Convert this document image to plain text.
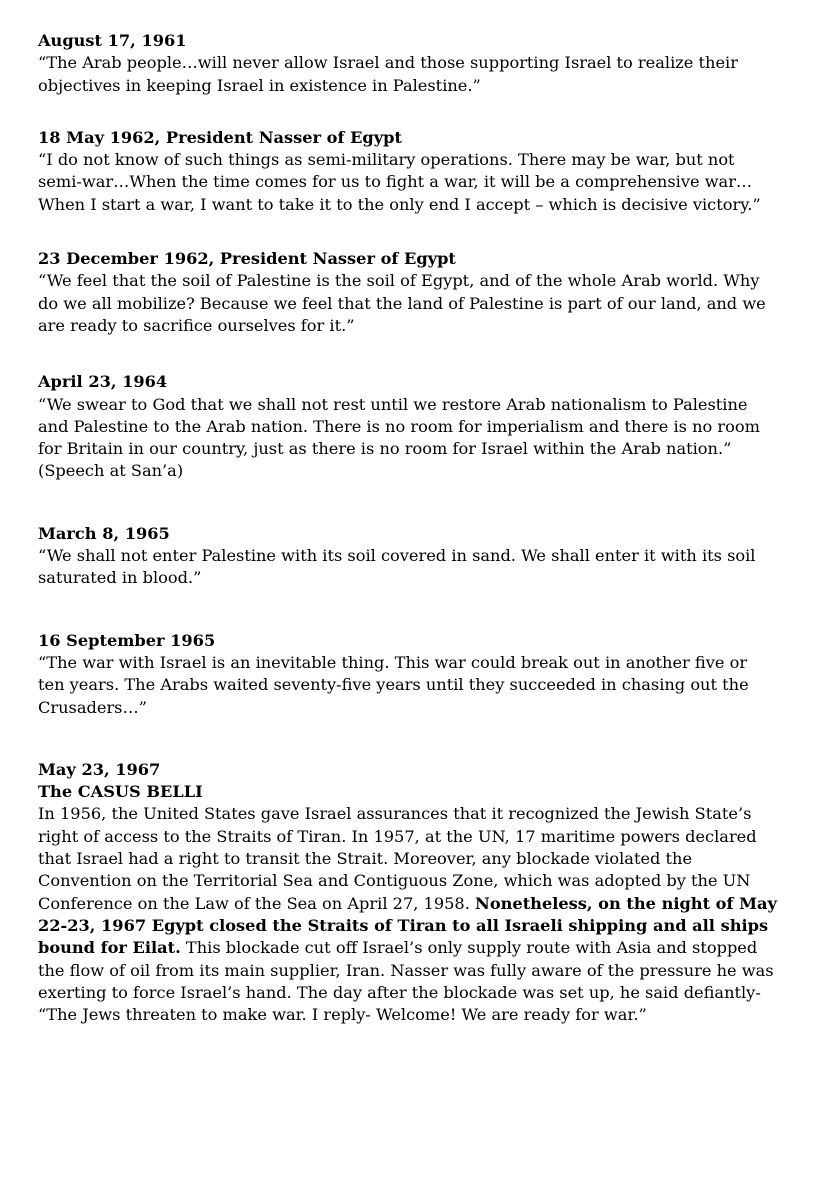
August 17, 1961
“The Arab people…will never allow Israel and those supporting Israel to realize their objectives in keeping Israel in existence in Palestine.”
18 May 1962, President Nasser of Egypt
“I do not know of such things as semi-military operations. There may be war, but not semi-war…When the time comes for us to fight a war, it will be a comprehensive war…When I start a war, I want to take it to the only end I accept – which is decisive victory.”
23 December 1962, President Nasser of Egypt
“We feel that the soil of Palestine is the soil of Egypt, and of the whole Arab world. Why do we all mobilize? Because we feel that the land of Palestine is part of our land, and we are ready to sacrifice ourselves for it.”
April 23, 1964
“We swear to God that we shall not rest until we restore Arab nationalism to Palestine and Palestine to the Arab nation. There is no room for imperialism and there is no room for Britain in our country, just as there is no room for Israel within the Arab nation.” (Speech at San’a)
March 8, 1965
“We shall not enter Palestine with its soil covered in sand. We shall enter it with its soil saturated in blood.”
16 September 1965
“The war with Israel is an inevitable thing. This war could break out in another five or ten years. The Arabs waited seventy-five years until they succeeded in chasing out the Crusaders…”
May 23, 1967
The CASUS BELLI
In 1956, the United States gave Israel assurances that it recognized the Jewish State’s right of access to the Straits of Tiran. In 1957, at the UN, 17 maritime powers declared that Israel had a right to transit the Strait. Moreover, any blockade violated the Convention on the Territorial Sea and Contiguous Zone, which was adopted by the UN Conference on the Law of the Sea on April 27, 1958. Nonetheless, on the night of May 22-23, 1967 Egypt closed the Straits of Tiran to all Israeli shipping and all ships bound for Eilat. This blockade cut off Israel’s only supply route with Asia and stopped the flow of oil from its main supplier, Iran. Nasser was fully aware of the pressure he was exerting to force Israel’s hand. The day after the blockade was set up, he said defiantly- “The Jews threaten to make war. I reply- Welcome! We are ready for war.”
